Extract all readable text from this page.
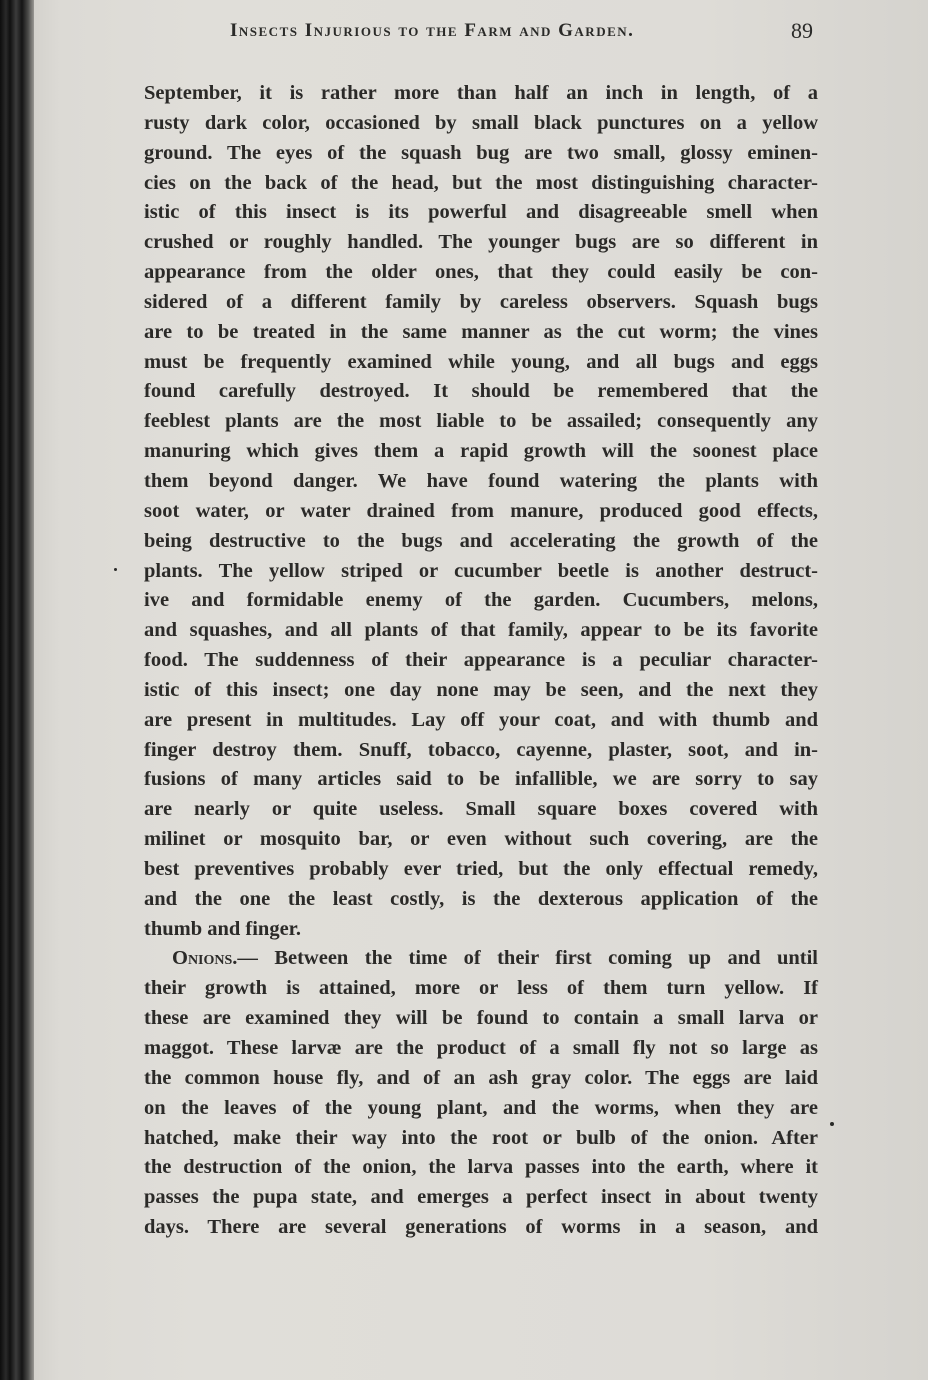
Insects Injurious to the Farm and Garden.	89
September, it is rather more than half an inch in length, of a
rusty dark color, occasioned by small black punctures on a yellow
ground. The eyes of the squash bug are two small, glossy eminen-
cies on the back of the head, but the most distinguishing character-
istic of this insect is its powerful and disagreeable smell when
crushed or roughly handled. The younger bugs are so different in
appearance from the older ones, that they could easily be con-
sidered of a different family by careless observers. Squash bugs
are to be treated in the same manner as the cut worm; the vines
must be frequently examined while young, and all bugs and eggs
found carefully destroyed. It should be remembered that the
feeblest plants are the most liable to be assailed; consequently any
manuring which gives them a rapid growth will the soonest place
them beyond danger. We have found watering the plants with
soot water, or water drained from manure, produced good effects,
being destructive to the bugs and accelerating the growth of the
plants. The yellow striped or cucumber beetle is another destruct-
ive and formidable enemy of the garden. Cucumbers, melons,
and squashes, and all plants of that family, appear to be its favorite
food. The suddenness of their appearance is a peculiar character-
istic of this insect; one day none may be seen, and the next they
are present in multitudes. Lay off your coat, and with thumb and
finger destroy them. Snuff, tobacco, cayenne, plaster, soot, and in-
fusions of many articles said to be infallible, we are sorry to say
are nearly or quite useless. Small square boxes covered with
milinet or mosquito bar, or even without such covering, are the
best preventives probably ever tried, but the only effectual remedy,
and the one the least costly, is the dexterous application of the
thumb and finger.
Onions.— Between the time of their first coming up and until
their growth is attained, more or less of them turn yellow. If
these are examined they will be found to contain a small larva or
maggot. These larvæ are the product of a small fly not so large as
the common house fly, and of an ash gray color. The eggs are laid
on the leaves of the young plant, and the worms, when they are
hatched, make their way into the root or bulb of the onion. After
the destruction of the onion, the larva passes into the earth, where it
passes the pupa state, and emerges a perfect insect in about twenty
days. There are several generations of worms in a season, and
